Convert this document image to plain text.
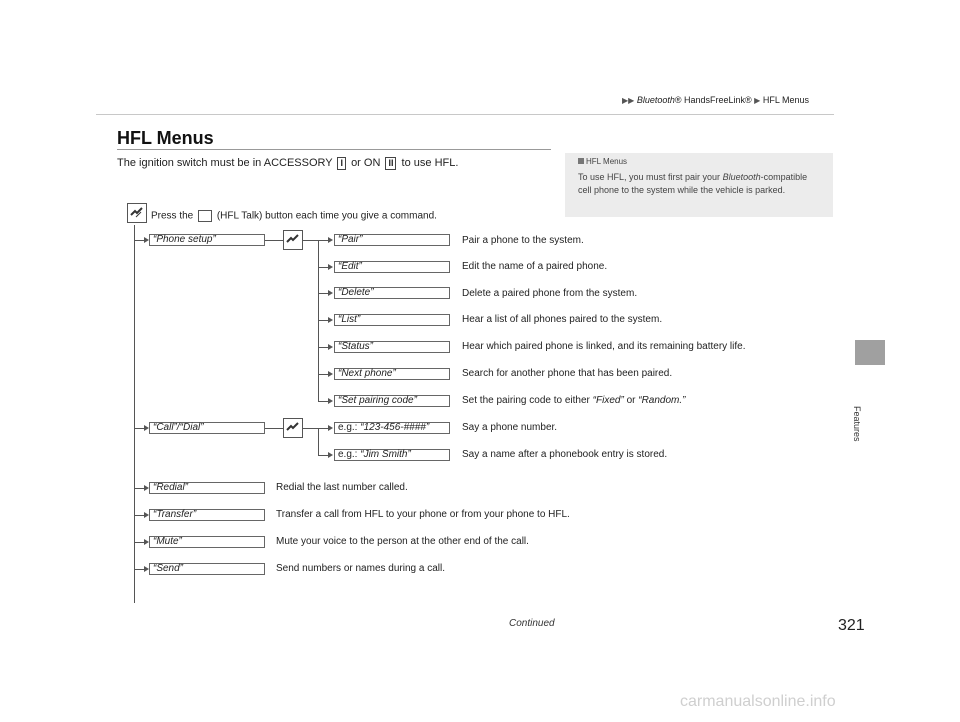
▶▶ Bluetooth® HandsFreeLink® ▶ HFL Menus
HFL Menus
The ignition switch must be in ACCESSORY I or ON II to use HFL.	HFL Menus
To use HFL, you must first pair your Bluetooth-compatible cell phone to the system while the vehicle is parked.
Features
Press the (HFL Talk) button each time you give a command.
“Phone setup”	“Pair”	Pair a phone to the system.
“Edit”	Edit the name of a paired phone.
“Delete”	Delete a paired phone from the system.
“List”	Hear a list of all phones paired to the system.
“Status”	Hear which paired phone is linked, and its remaining battery life.
“Next phone”	Search for another phone that has been paired.
“Set pairing code”	Set the pairing code to either “Fixed” or “Random.”
“Call”/“Dial”	e.g.: “123-456-####”	Say a phone number.
e.g.: “Jim Smith”	Say a name after a phonebook entry is stored.
“Redial”	Redial the last number called.
“Transfer”	Transfer a call from HFL to your phone or from your phone to HFL.
“Mute”	Mute your voice to the person at the other end of the call.
“Send”	Send numbers or names during a call.
Continued	321
carmanualsonline.info
